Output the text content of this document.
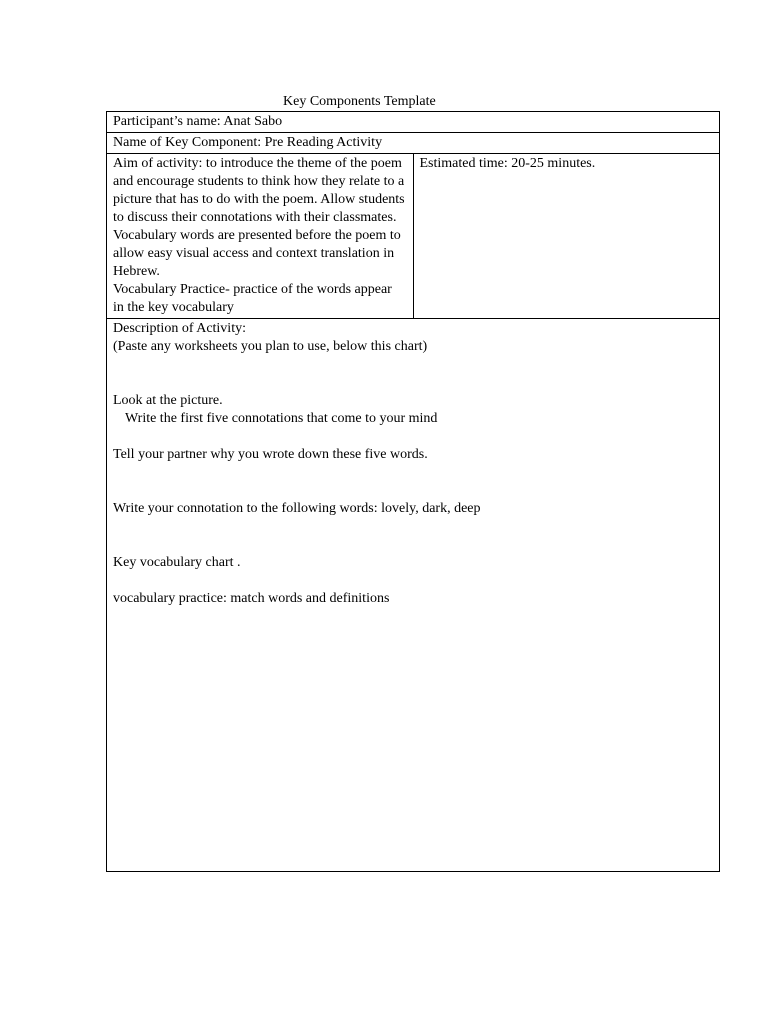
Key Components Template
Participant’s name: Anat Sabo
Name of Key Component: Pre Reading Activity

Aim of activity: to introduce the theme of the poem
and encourage students to think how they relate to a
picture that has to do with the poem. Allow students
to discuss their connotations with their classmates.
Vocabulary words are presented before the poem to
allow easy visual access and context translation in
Hebrew.
Vocabulary Practice- practice of the words appear
in the key vocabulary
	Estimated time: 20-25 minutes.

Description of Activity:
(Paste any worksheets you plan to use, below this chart)
Look at the picture.
Write the first five connotations that come to your mind
Tell your partner why you wrote down these five words.
Write your connotation to the following words: lovely, dark, deep
Key vocabulary chart .
vocabulary practice: match words and definitions
